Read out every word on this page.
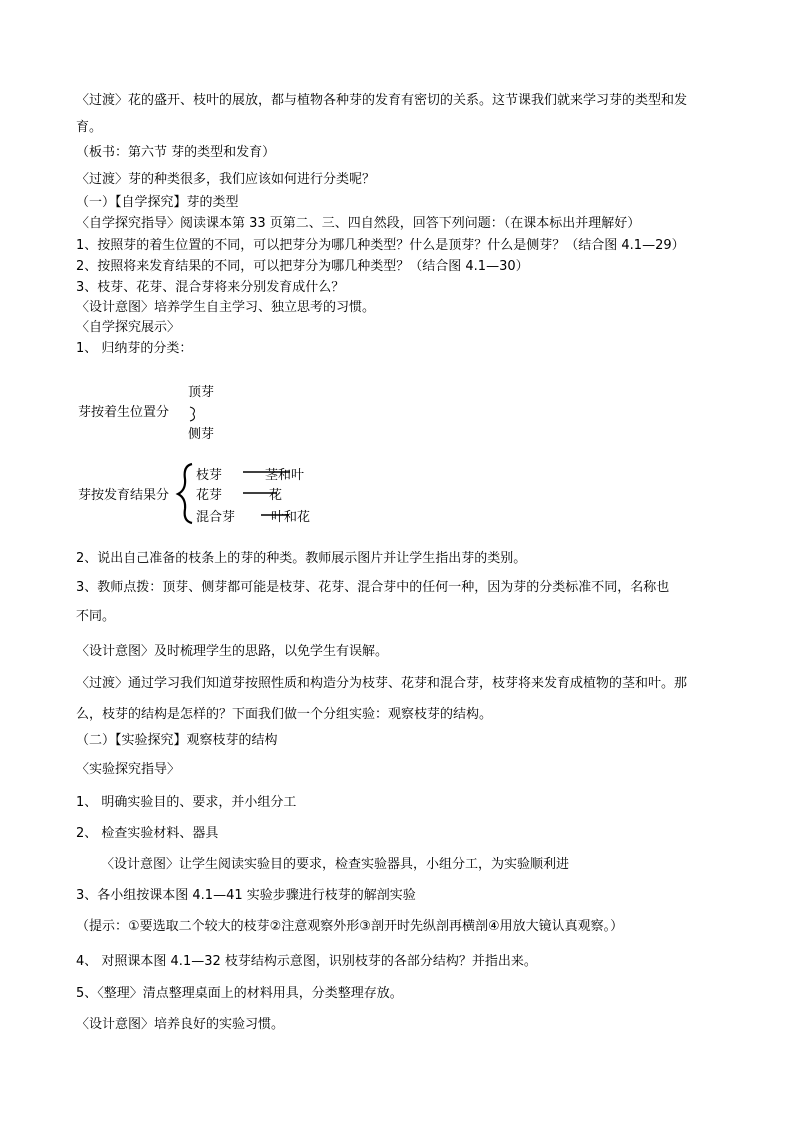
〈过渡〉花的盛开、枝叶的展放，都与植物各种芽的发育有密切的关系。这节课我们就来学习芽的类型和发
育。
（板书：第六节 芽的类型和发育）
〈过渡〉芽的种类很多，我们应该如何进行分类呢？
（一）【自学探究】芽的类型
〈自学探究指导〉阅读课本第 33 页第二、三、四自然段，回答下列问题：（在课本标出并理解好）
1、按照芽的着生位置的不同，可以把芽分为哪几种类型？什么是顶芽？什么是侧芽？（结合图 4.1—29）
2、按照将来发育结果的不同，可以把芽分为哪几种类型？（结合图 4.1—30）
3、枝芽、花芽、混合芽将来分别发育成什么？
〈设计意图〉培养学生自主学习、独立思考的习惯。
〈自学探究展示〉
1、 归纳芽的分类：
芽按着生位置分
顶芽
侧芽
芽按发育结果分
枝芽
花芽
混合芽
茎和叶
花
叶和花
2、说出自己准备的枝条上的芽的种类。教师展示图片并让学生指出芽的类别。
3、教师点拨：顶芽、侧芽都可能是枝芽、花芽、混合芽中的任何一种，因为芽的分类标准不同，名称也
不同。
〈设计意图〉及时梳理学生的思路，以免学生有误解。
〈过渡〉通过学习我们知道芽按照性质和构造分为枝芽、花芽和混合芽，枝芽将来发育成植物的茎和叶。那
么，枝芽的结构是怎样的？下面我们做一个分组实验：观察枝芽的结构。
（二）【实验探究】观察枝芽的结构
〈实验探究指导〉
1、 明确实验目的、要求，并小组分工
2、 检查实验材料、器具
〈设计意图〉让学生阅读实验目的要求，检查实验器具，小组分工，为实验顺利进
3、各小组按课本图 4.1—41 实验步骤进行枝芽的解剖实验
（提示：①要选取二个较大的枝芽②注意观察外形③剖开时先纵剖再横剖④用放大镜认真观察。）
4、 对照课本图 4.1—32 枝芽结构示意图，识别枝芽的各部分结构？并指出来。
5、〈整理〉清点整理桌面上的材料用具，分类整理存放。
〈设计意图〉培养良好的实验习惯。
